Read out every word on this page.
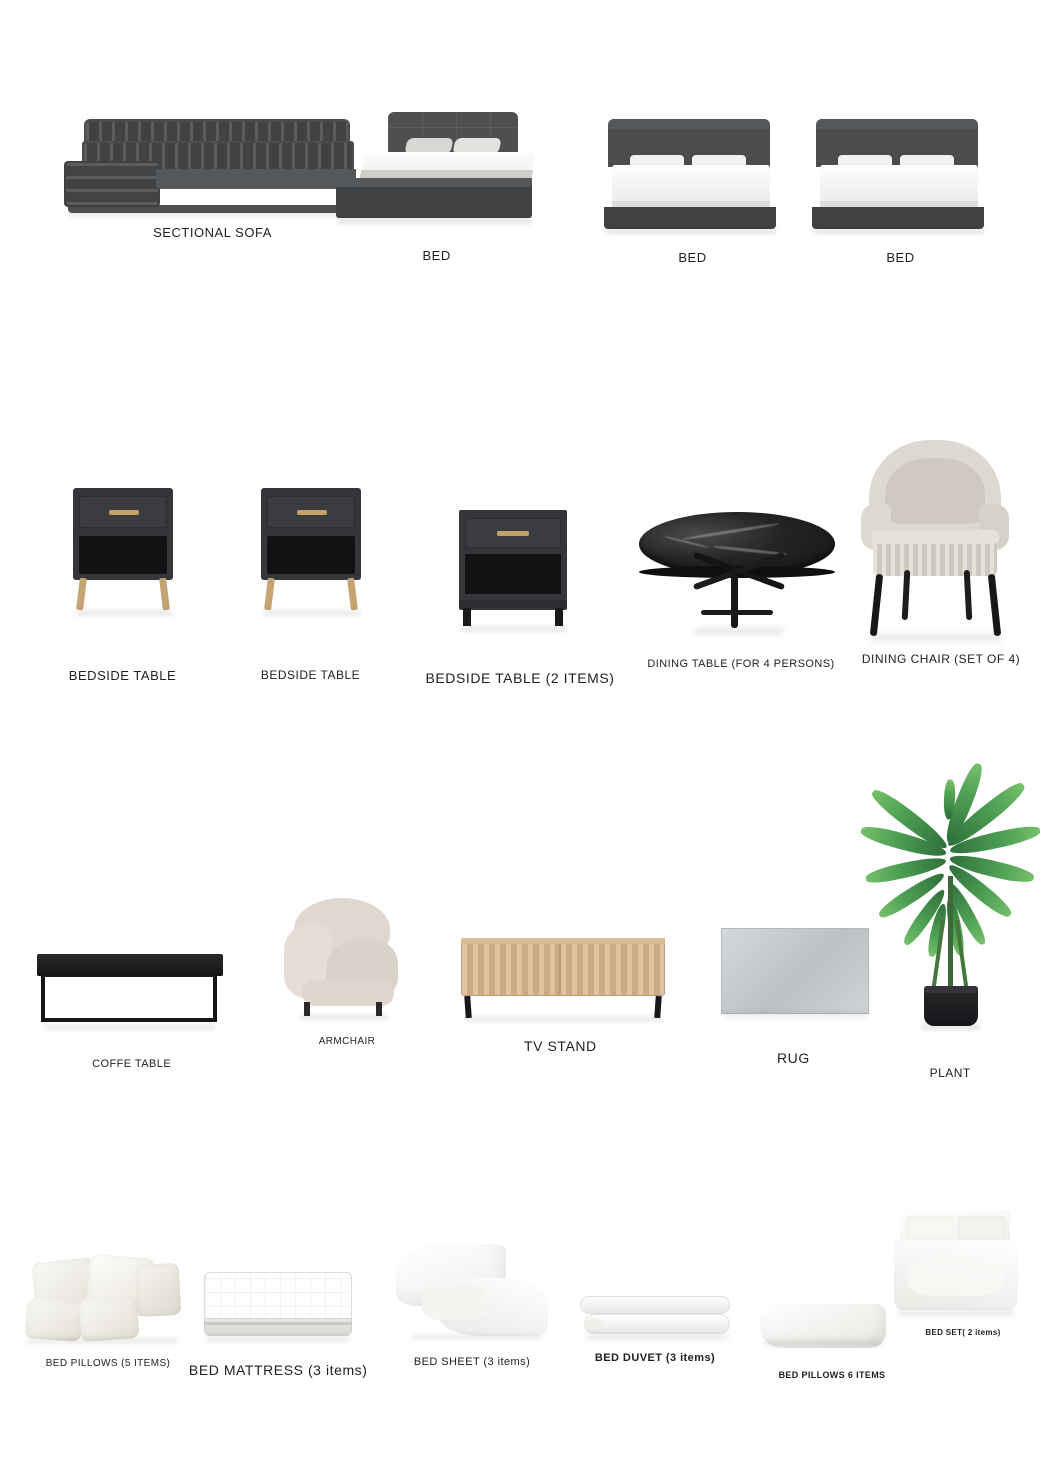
SECTIONAL SOFA
BED	BED	BED
BEDSIDE TABLE	BEDSIDE TABLE	BEDSIDE TABLE (2 ITEMS)
DINING TABLE (FOR 4 PERSONS) DINING CHAIR (SET OF 4)
COFFE TABLE
ARMCHAIR	TV STAND
RUG
PLANT
BED PILLOWS (5 ITEMS) BED MATTRESS (3 items)	BED SHEET (3 items)	BED DUVET (3 items)
BED PILLOWS 6 ITEMS
BED SET( 2 items)
